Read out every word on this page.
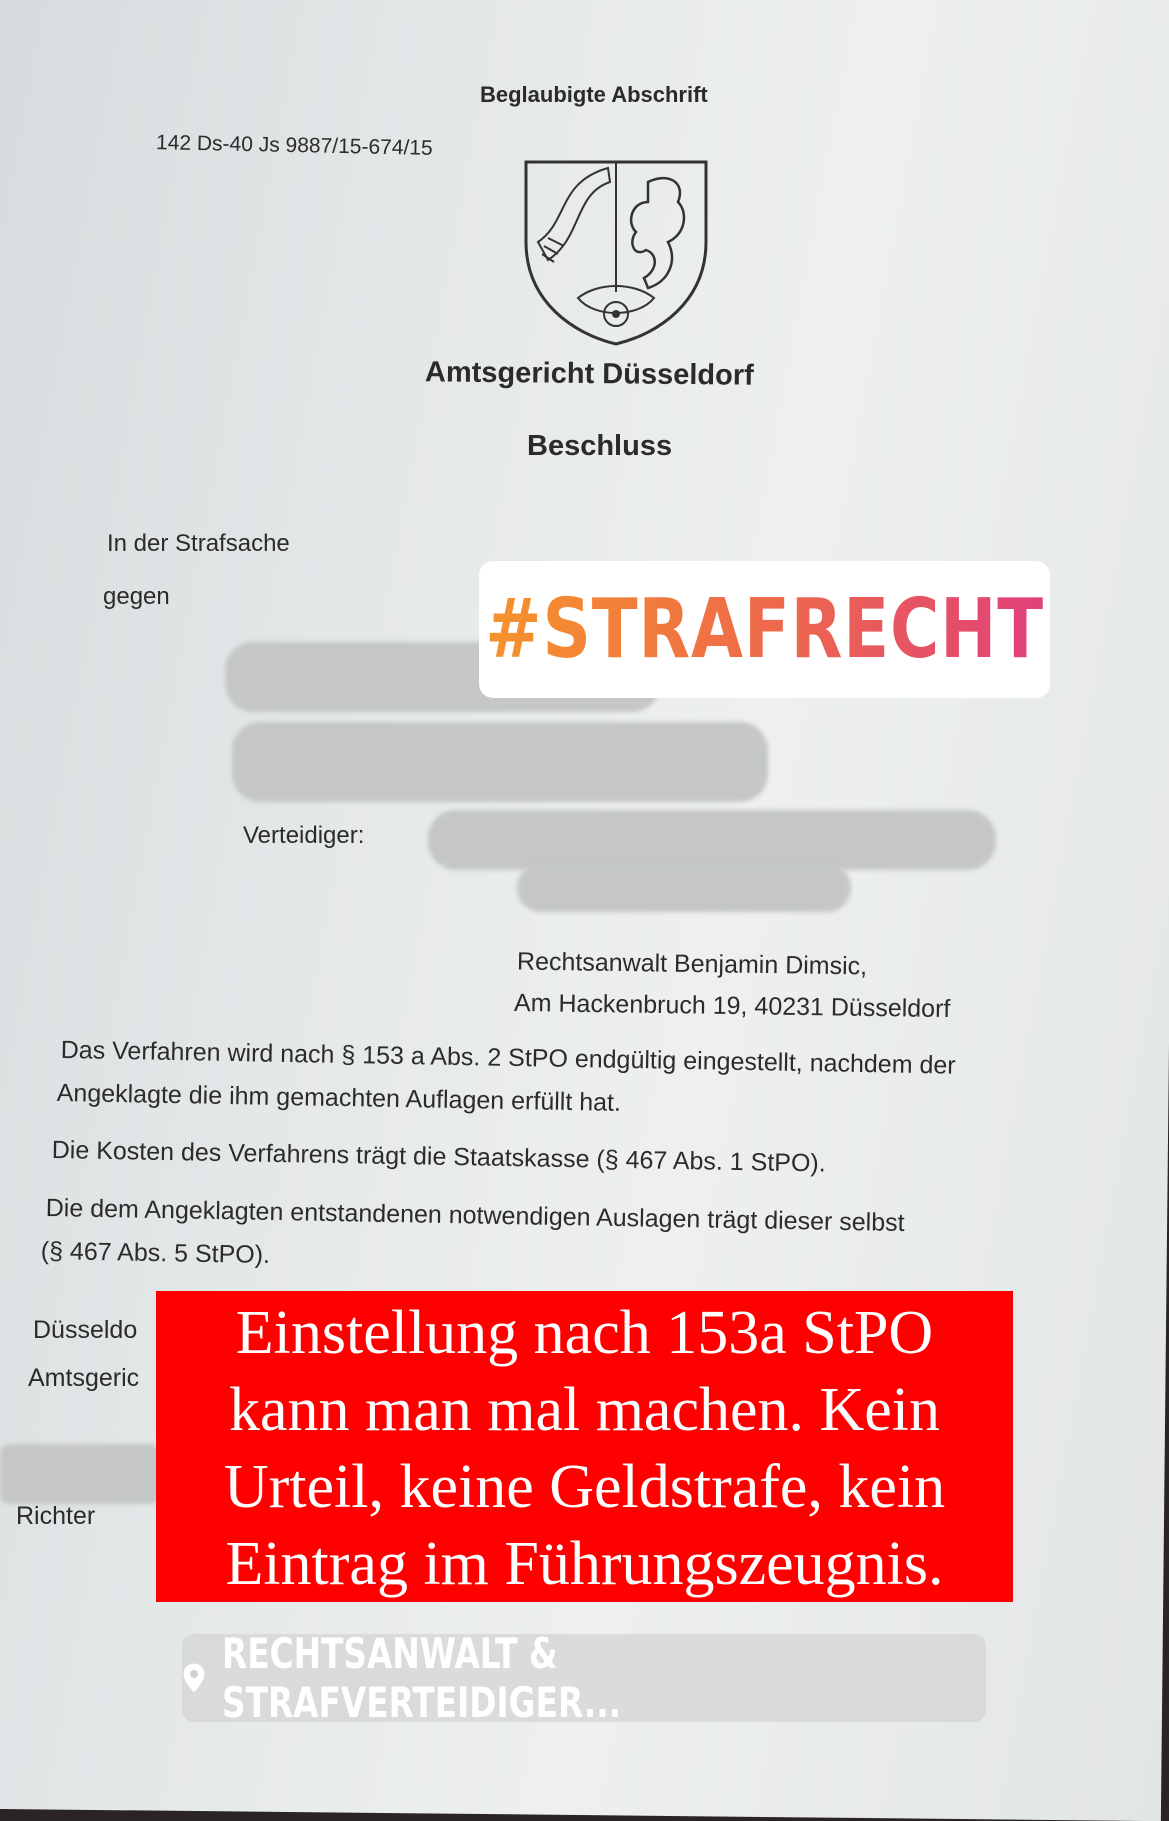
Beglaubigte Abschrift
142 Ds-40 Js 9887/15-674/15
Amtsgericht Düsseldorf
Beschluss
In der Strafsache
gegen
Verteidiger:
Rechtsanwalt Benjamin Dimsic,
Am Hackenbruch 19, 40231 Düsseldorf
Das Verfahren wird nach § 153 a Abs. 2 StPO endgültig eingestellt, nachdem der
Angeklagte die ihm gemachten Auflagen erfüllt hat.
Die Kosten des Verfahrens trägt die Staatskasse (§ 467 Abs. 1 StPO).
Die dem Angeklagten entstandenen notwendigen Auslagen trägt dieser selbst
(§ 467 Abs. 5 StPO).
Düsseldo
Amtsgeric
Richter
#STRAFRECHT
Einstellung nach 153a StPO
kann man mal machen. Kein
Urteil, keine Geldstrafe, kein
Eintrag im Führungszeugnis.
RECHTSANWALT & STRAFVERTEIDIGER...
